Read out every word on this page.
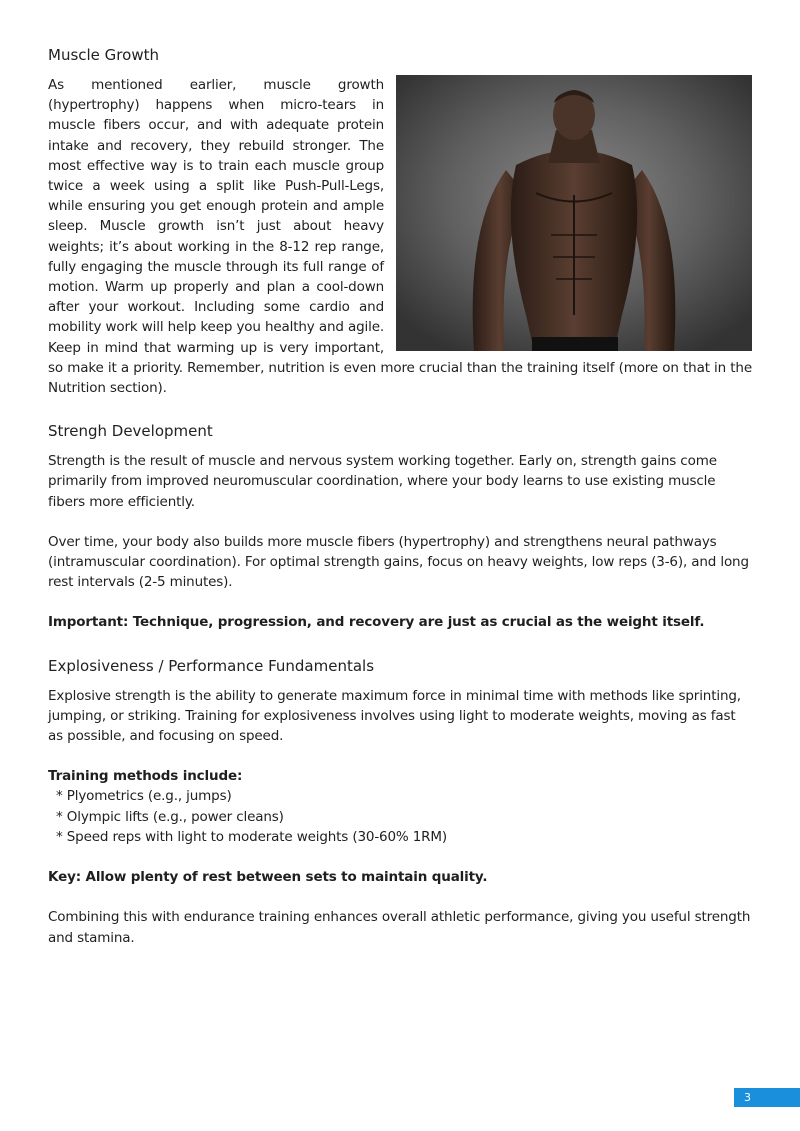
Muscle Growth

As mentioned earlier, muscle growth (hypertrophy) happens when micro-tears in muscle fibers occur, and with adequate protein intake and recovery, they rebuild stronger. The most effective way is to train each muscle group twice a week using a split like Push-Pull-Legs, while ensuring you get enough protein and ample sleep. Muscle growth isn’t just about heavy weights; it’s about working in the 8-12 rep range, fully engaging the muscle through its full range of motion. Warm up properly and plan a cool-down after your workout. Including some cardio and mobility work will help keep you healthy and agile. Keep in mind that warming up is very important, so make it a priority. Remember, nutrition is even more crucial than the training itself (more on that in the Nutrition section).

Strengh Development

Strength is the result of muscle and nervous system working together. Early on, strength gains come primarily from improved neuromuscular coordination, where your body learns to use existing muscle fibers more efficiently.

Over time, your body also builds more muscle fibers (hypertrophy) and strengthens neural pathways (intramuscular coordination). For optimal strength gains, focus on heavy weights, low reps (3-6), and long rest intervals (2-5 minutes).

Important: Technique, progression, and recovery are just as crucial as the weight itself.

Explosiveness / Performance Fundamentals

Explosive strength is the ability to generate maximum force in minimal time with methods like sprinting, jumping, or striking. Training for explosiveness involves using light to moderate weights, moving as fast as possible, and focusing on speed.

Training methods include:

* Plyometrics (e.g., jumps)
* Olympic lifts (e.g., power cleans)
* Speed reps with light to moderate weights (30-60% 1RM)

Key: Allow plenty of rest between sets to maintain quality.

Combining this with endurance training enhances overall athletic performance, giving you useful strength and stamina.

3
